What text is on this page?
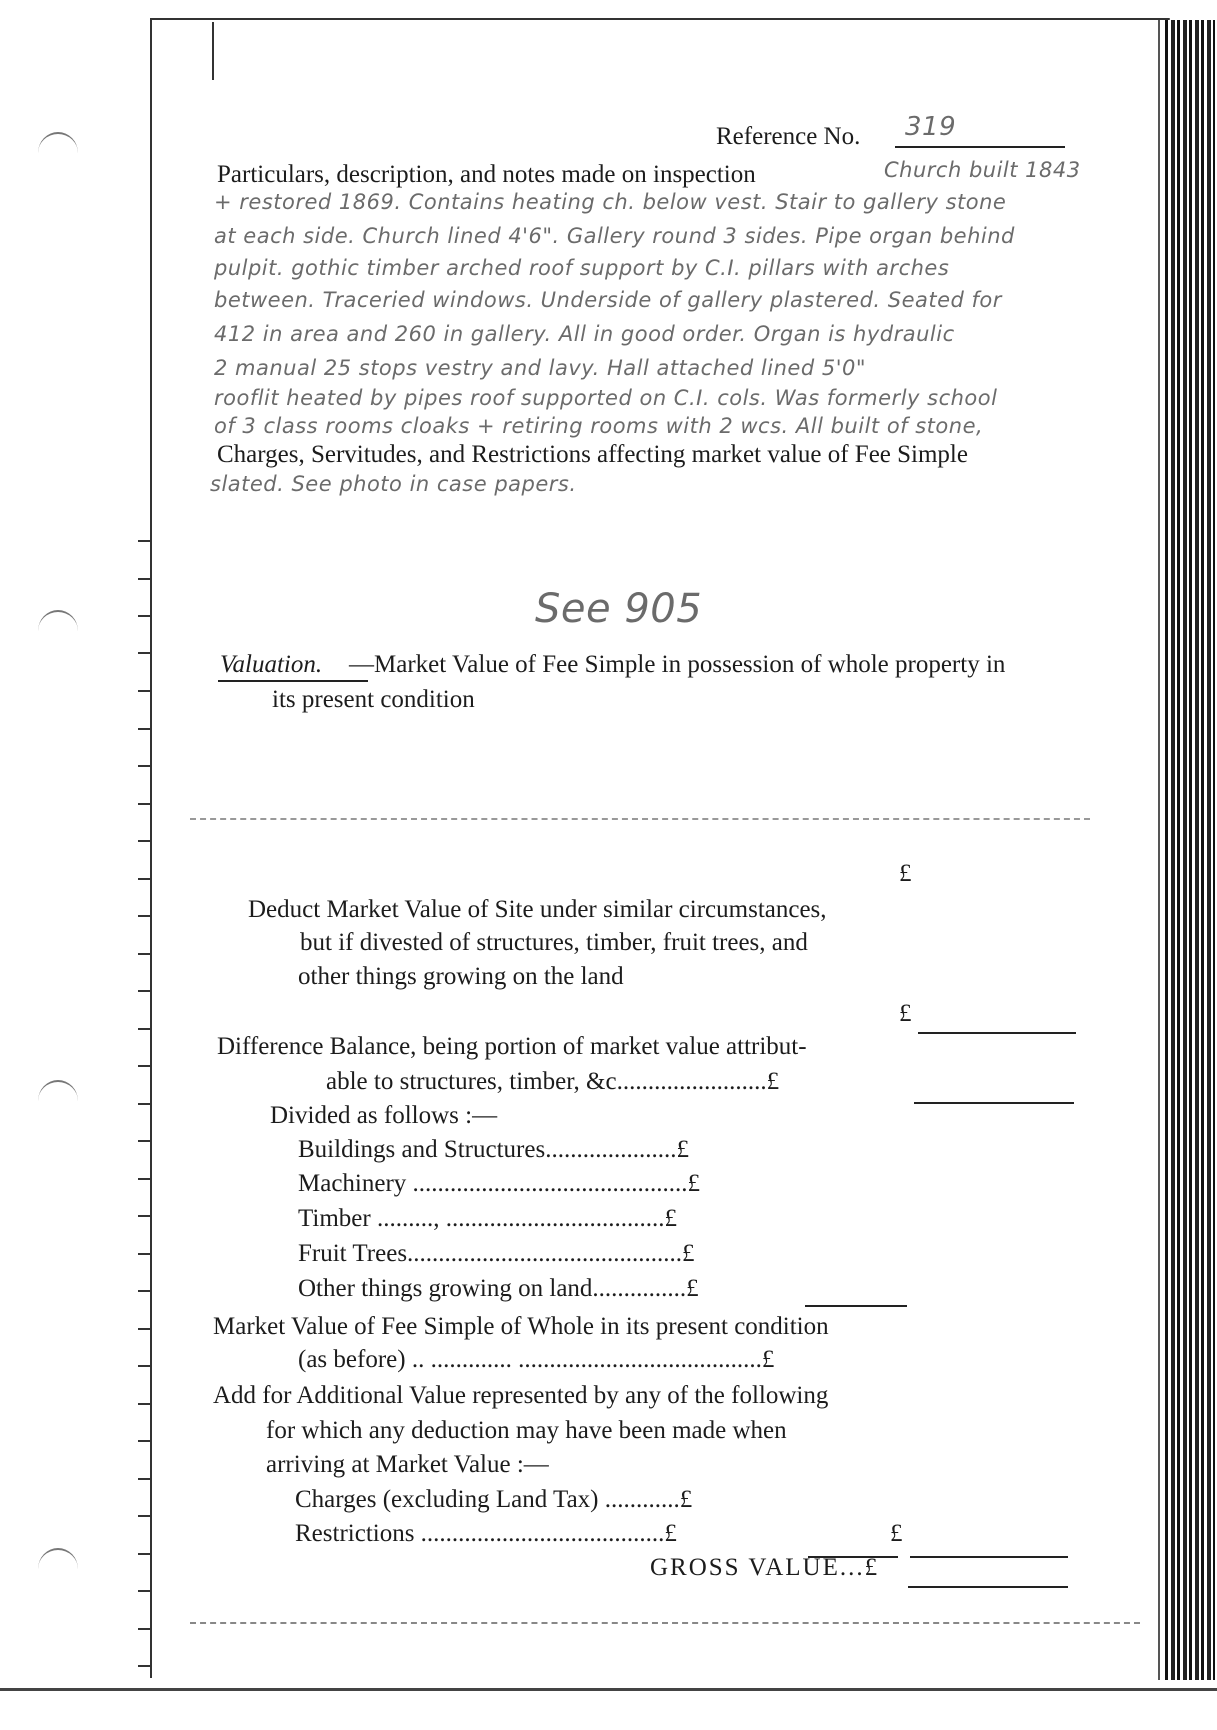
Reference No. 319
Particulars, description, and notes made on inspection	Church built 1843
+ restored 1869. Contains heating ch. below vest. Stair to gallery stone
at each side. Church lined 4'6". Gallery round 3 sides. Pipe organ behind
pulpit. gothic timber arched roof support by C.I. pillars with arches
between. Traceried windows. Underside of gallery plastered. Seated for
412 in area and 260 in gallery. All in good order. Organ is hydraulic
2 manual 25 stops vestry and lavy. Hall attached lined 5'0"
rooflit heated by pipes roof supported on C.I. cols. Was formerly school
of 3 class rooms cloaks + retiring rooms with 2 wcs. All built of stone,
Charges, Servitudes, and Restrictions affecting market value of Fee Simple
slated. See photo in case papers.
See 905
Valuation. —Market Value of Fee Simple in possession of whole property in
its present condition
£
Deduct Market Value of Site under similar circumstances,
but if divested of structures, timber, fruit trees, and
other things growing on the land
£
Difference Balance, being portion of market value attribut-
able to structures, timber, &c........................£
Divided as follows :—
Buildings and Structures.....................£
Machinery ............................................£
Timber ........., ...................................£
Fruit Trees............................................£
Other things growing on land...............£
Market Value of Fee Simple of Whole in its present condition
(as before) .. ............. .......................................£
Add for Additional Value represented by any of the following
for which any deduction may have been made when
arriving at Market Value :—
Charges (excluding Land Tax) ............£
Restrictions .......................................£	£
GROSS VALUE...£
